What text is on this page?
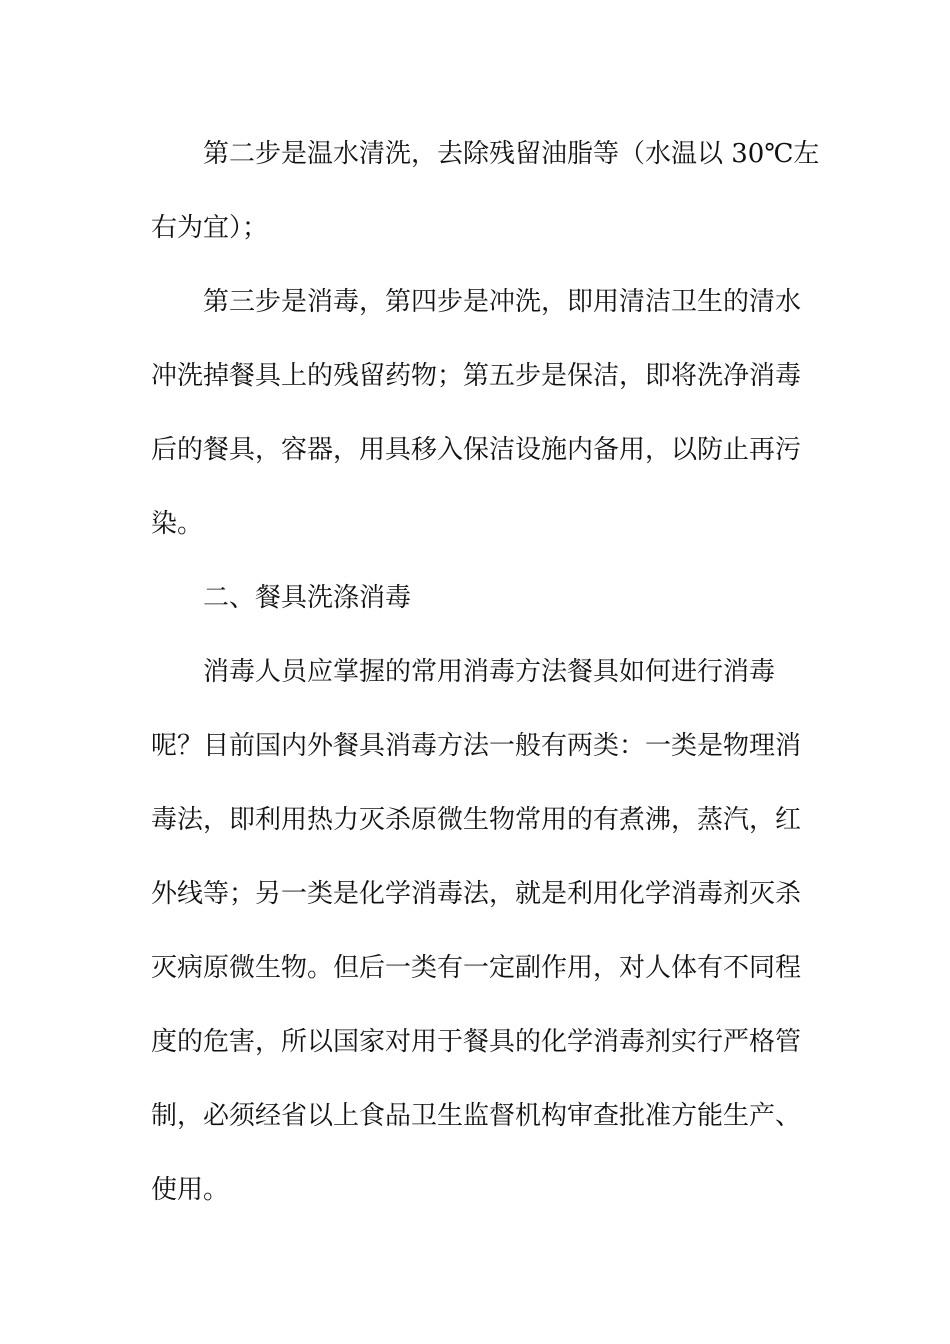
第二步是温水清洗，去除残留油脂等（水温以 30℃左
右为宜）；
第三步是消毒，第四步是冲洗，即用清洁卫生的清水
冲洗掉餐具上的残留药物；第五步是保洁，即将洗净消毒
后的餐具，容器，用具移入保洁设施内备用，以防止再污
染。
二、餐具洗涤消毒
消毒人员应掌握的常用消毒方法餐具如何进行消毒
呢？目前国内外餐具消毒方法一般有两类：一类是物理消
毒法，即利用热力灭杀原微生物常用的有煮沸，蒸汽，红
外线等；另一类是化学消毒法，就是利用化学消毒剂灭杀
灭病原微生物。但后一类有一定副作用，对人体有不同程
度的危害，所以国家对用于餐具的化学消毒剂实行严格管
制，必须经省以上食品卫生监督机构审查批准方能生产、
使用。
